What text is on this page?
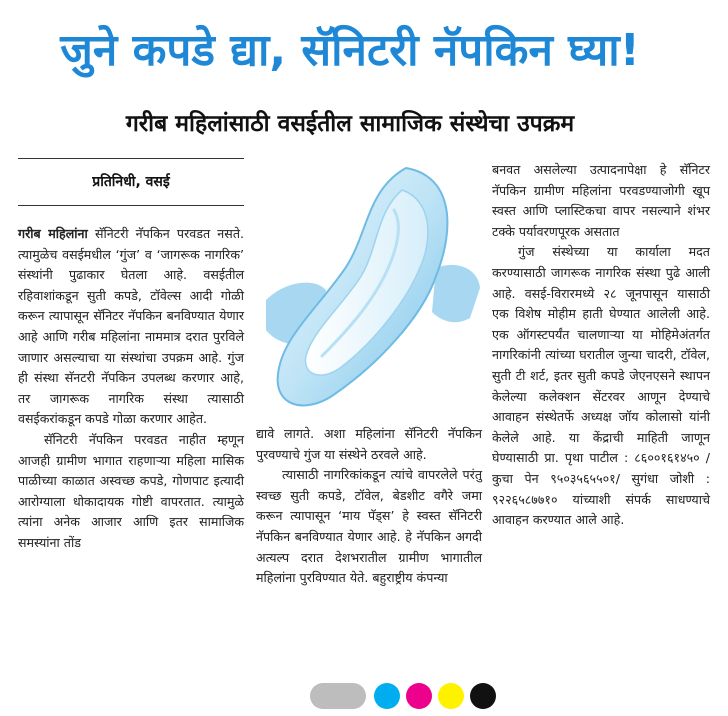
जुने कपडे द्या, सॅनिटरी नॅपकिन घ्या!
गरीब महिलांसाठी वसईतील सामाजिक संस्थेचा उपक्रम
प्रतिनिधी, वसई

गरीब महिलांना सॅनिटरी नॅपकिन परवडत नसते. त्यामुळेच वसईमधील ‘गुंज’ व ‘जागरूक नागरिक’ संस्थांनी पुढाकार घेतला आहे. वसईतील रहिवाशांकडून सुती कपडे, टॉवेल्स आदी गोळी करून त्यापासून सॅनिटर नॅपकिन बनविण्यात येणार आहे आणि गरीब महिलांना नाममात्र दरात पुरविले जाणार असल्याचा या संस्थांचा उपक्रम आहे. गुंज ही संस्था सॅनटरी नॅपकिन उपलब्ध करणार आहे, तर जागरूक नागरिक संस्था त्यासाठी वसईकरांकडून कपडे गोळा करणार आहेत.

सॅनिटरी नॅपकिन परवडत नाहीत म्हणून आजही ग्रामीण भागात राहणाऱ्या महिला मासिक पाळीच्या काळात अस्वच्छ कपडे, गोणपाट इत्यादी आरोग्याला धोकादायक गोष्टी वापरतात. त्यामुळे त्यांना अनेक आजार आणि इतर सामाजिक समस्यांना तोंड

द्यावे लागते. अशा महिलांना सॅनिटरी नॅपकिन पुरवण्याचे गुंज या संस्थेने ठरवले आहे.

त्यासाठी नागरिकांकडून त्यांचे वापरलेले परंतु स्वच्छ सुती कपडे, टॉवेल, बेडशीट वगैरे जमा करून त्यापासून ‘माय पॅड्स’ हे स्वस्त सॅनिटरी नॅपकिन बनविण्यात येणार आहे. हे नॅपकिन अगदी अत्यल्प दरात देशभरातील ग्रामीण भागातील महिलांना पुरविण्यात येते. बहुराष्ट्रीय कंपन्या

बनवत असलेल्या उत्पादनापेक्षा हे सॅनिटर नॅपकिन ग्रामीण महिलांना परवडण्याजोगी खूप स्वस्त आणि प्लास्टिकचा वापर नसल्याने शंभर टक्के पर्यावरणपूरक असतात

गुंज संस्थेच्या या कार्याला मदत करण्यासाठी जागरूक नागरिक संस्था पुढे आली आहे. वसई-विरारमध्ये २८ जूनपासून यासाठी एक विशेष मोहीम हाती घेण्यात आलेली आहे. एक ऑगस्टपर्यंत चालणाऱ्या या मोहिमेअंतर्गत नागरिकांनी त्यांच्या घरातील जुन्या चादरी, टॉवेल, सुती टी शर्ट, इतर सुती कपडे जेएनएसने स्थापन केलेल्या कलेक्शन सेंटरवर आणून देण्याचे आवाहन संस्थेतर्फे अध्यक्ष जॉय कोलासो यांनी केलेले आहे. या केंद्राची माहिती जाणून घेण्यासाठी प्रा. पृथा पाटील : ८६००१६१४५० / कुचा पेन ९५०३५६५५०१/ सुगंधा जोशी : ९२२६५८७७१० यांच्याशी संपर्क साधण्याचे आवाहन करण्यात आले आहे.
